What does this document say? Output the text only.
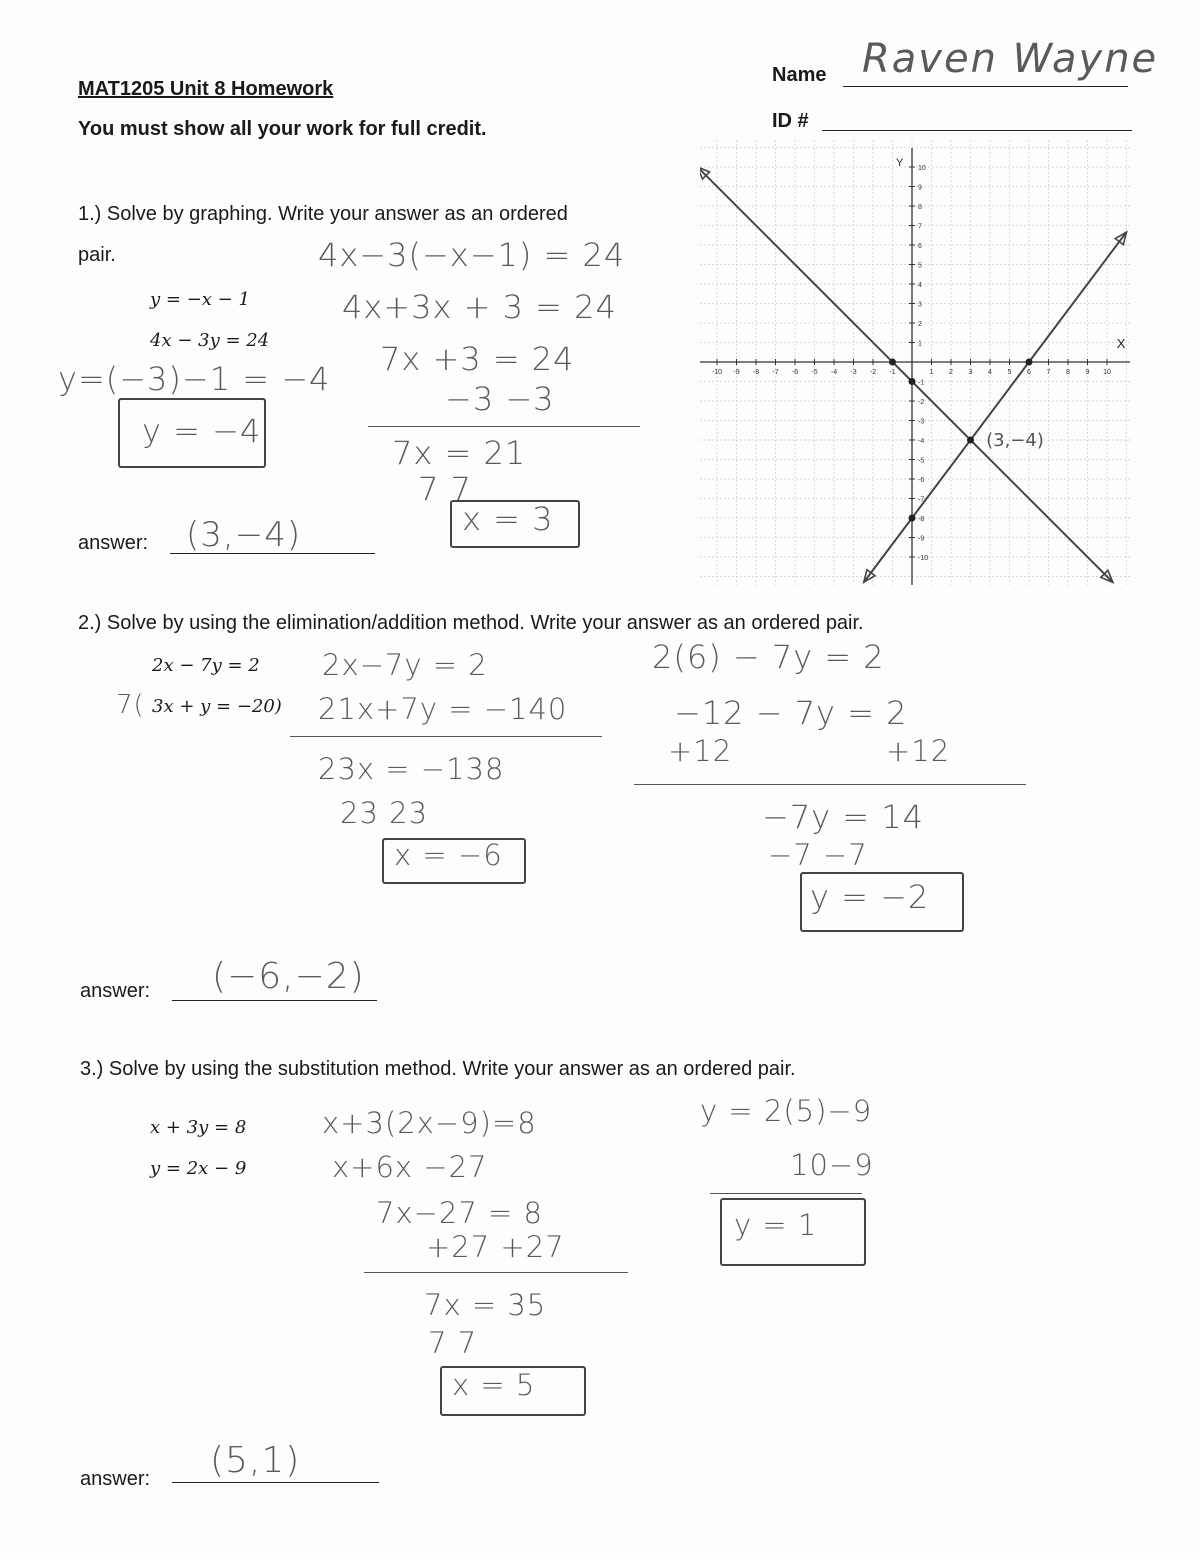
MAT1205 Unit 8 Homework
You must show all your work for full credit.
Name Raven Wayne
ID #
1.) Solve by graphing. Write your answer as an ordered
pair.
y = −x − 1
4x − 3y = 24
4x−3(−x−1) = 24
4x+3x + 3 = 24
7x +3 = 24
−3 −3
7x = 21
7 7
x = 3
y=(−3)−1 = −4
y = −4
answer: (3,−4)
-10
-10
-9
-9
-8
-8
-7
-7
-6
-6
-5
-5
-4
-4
-3
-3
-2
-2
-1
-1
1
1
2
2
3
3
4
4
5
5
6
6
7
7
8
8
9
9
10
10
X
Y
(3,−4)
2.) Solve by using the elimination/addition method. Write your answer as an ordered pair.
2x − 7y = 2
7( 3x + y = −20)
2x−7y = 2
21x+7y = −140
23x = −138
23 23
x = −6
2(6) − 7y = 2
−12 − 7y = 2
+12	+12
−7y = 14
−7 −7
y = −2
answer: (−6,−2)
3.) Solve by using the substitution method. Write your answer as an ordered pair.
x + 3y = 8
y = 2x − 9
x+3(2x−9)=8
x+6x −27
7x−27 = 8
+27 +27
7x = 35
7 7
x = 5
y = 2(5)−9
10−9
y = 1
answer: (5,1)
